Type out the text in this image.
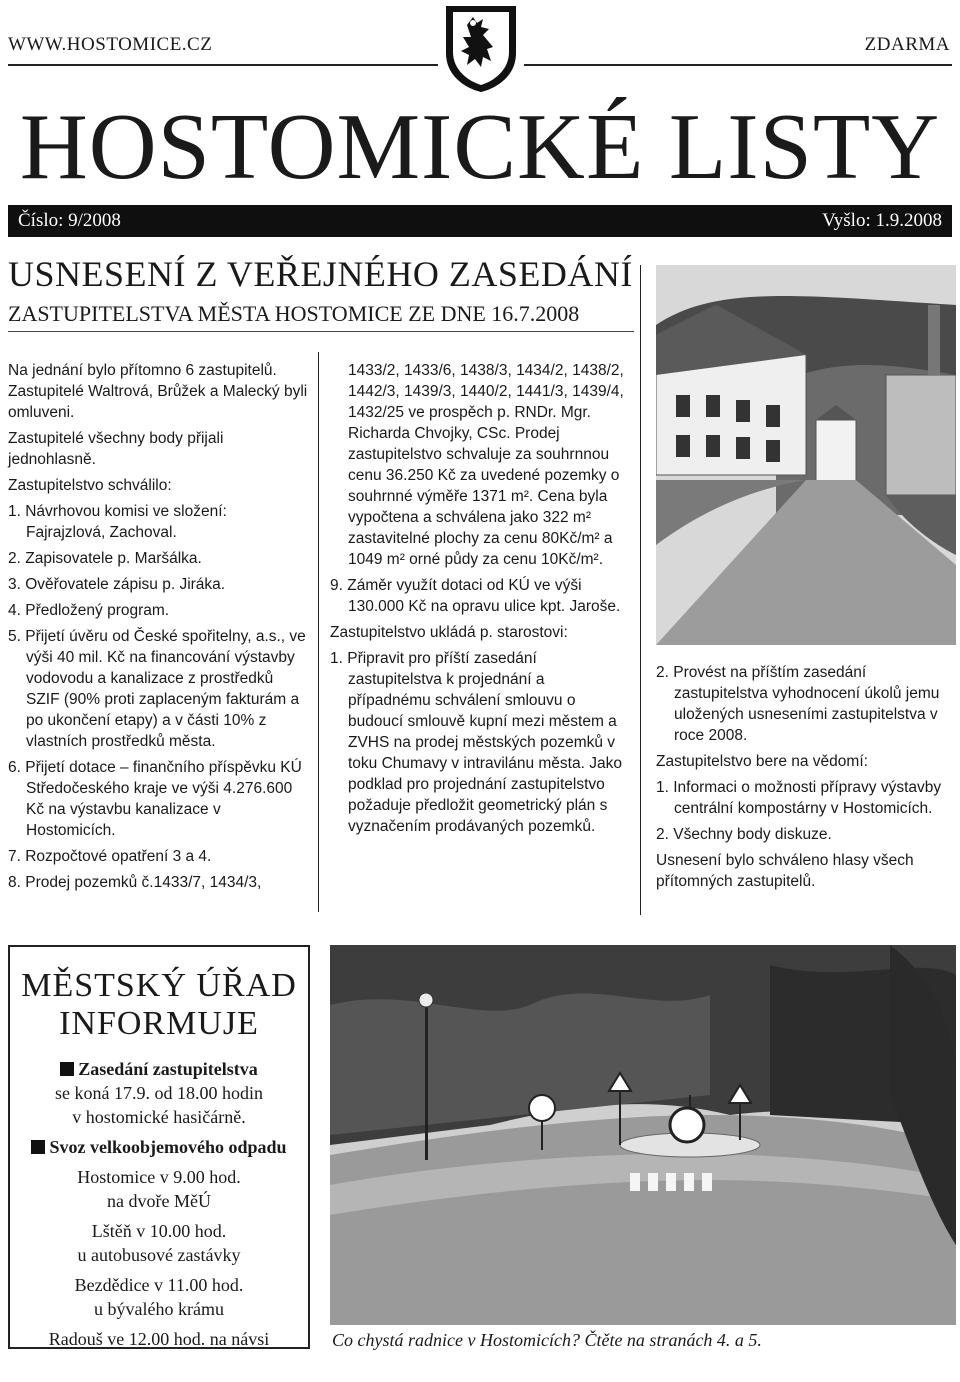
WWW.HOSTOMICE.CZ	ZDARMA
HOSTOMICKÉ LISTY
Číslo: 9/2008	Vyšlo: 1.9.2008
USNESENÍ Z VEŘEJNÉHO ZASEDÁNÍ
ZASTUPITELSTVA MĚSTA HOSTOMICE ZE DNE 16.7.2008

Na jednání bylo přítomno 6 zastupitelů. Zastupitelé Waltrová, Brůžek a Malecký byli omluveni.

Zastupitelé všechny body přijali jednohlasně.

Zastupitelstvo schválilo:

1. Návrhovou komisi ve složení: Fajrajzlová, Zachoval.
2. Zapisovatele p. Maršálka.
3. Ověřovatele zápisu p. Jiráka.
4. Předložený program.
5. Přijetí úvěru od České spořitelny, a.s., ve výši 40 mil. Kč na financování výstavby vodovodu a kanalizace z prostředků SZIF (90% proti zaplaceným fakturám a po ukončení etapy) a v části 10% z vlastních prostředků města.
6. Přijetí dotace – finančního příspěvku KÚ Středočeského kraje ve výši 4.276.600 Kč na výstavbu kanalizace v Hostomicích.
7. Rozpočtové opatření 3 a 4.
8. Prodej pozemků č.1433/7, 1434/3,

1433/2, 1433/6, 1438/3, 1434/2, 1438/2, 1442/3, 1439/3, 1440/2, 1441/3, 1439/4, 1432/25 ve prospěch p. RNDr. Mgr. Richarda Chvojky, CSc. Prodej zastupitelstvo schvaluje za souhrnnou cenu 36.250 Kč za uvedené pozemky o souhrnné výměře 1371 m². Cena byla vypočtena a schválena jako 322 m² zastavitelné plochy za cenu 80Kč/m² a 1049 m² orné půdy za cenu 10Kč/m².

9. Záměr využít dotaci od KÚ ve výši 130.000 Kč na opravu ulice kpt. Jaroše.

Zastupitelstvo ukládá p. starostovi:

1. Připravit pro příští zasedání zastupitelstva k projednání a případnému schválení smlouvu o budoucí smlouvě kupní mezi městem a ZVHS na prodej městských pozemků v toku Chumavy v intravilánu města. Jako podklad pro projednání zastupitelstvo požaduje předložit geometrický plán s vyznačením prodávaných pozemků.
2. Provést na příštím zasedání zastupitelstva vyhodnocení úkolů jemu uložených usneseními zastupitelstva v roce 2008.

Zastupitelstvo bere na vědomí:

1. Informaci o možnosti přípravy výstavby centrální kompostárny v Hostomicích.
2. Všechny body diskuze.

Usnesení bylo schváleno hlasy všech přítomných zastupitelů.

MĚSTSKÝ ÚŘAD INFORMUJE
Zasedání zastupitelstva
se koná 17.9. od 18.00 hodin
v hostomické hasičárně.
Svoz velkoobjemového odpadu
Hostomice v 9.00 hod.
na dvoře MěÚ
Lštěň v 10.00 hod.
u autobusové zastávky
Bezdědice v 11.00 hod.
u bývalého krámu
Radouš ve 12.00 hod. na návsi	Co chystá radnice v Hostomicích? Čtěte na stranách 4. a 5.
